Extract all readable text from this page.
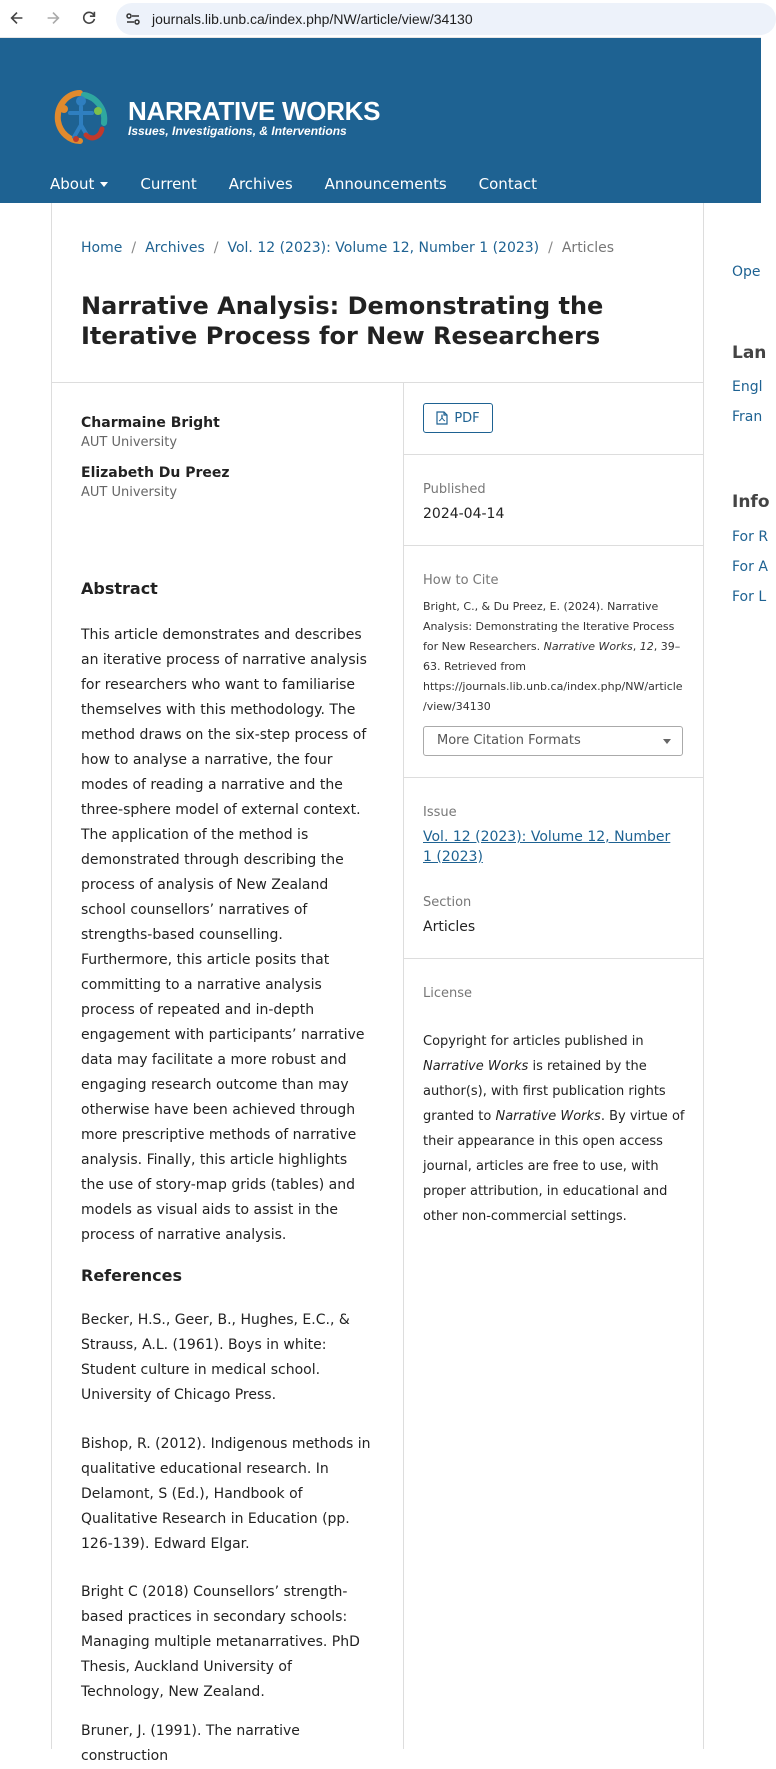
journals.lib.unb.ca/index.php/NW/article/view/34130
NARRATIVE WORKS
Issues, Investigations, & Interventions
About	Current Archives Announcements Contact
Home / Archives / Vol. 12 (2023): Volume 12, Number 1 (2023) / Articles
Narrative Analysis: Demonstrating the Iterative Process for New Researchers
Charmaine Bright
AUT University
Elizabeth Du Preez
AUT University
Abstract
This article demonstrates and describes an iterative process of narrative analysis for researchers who want to familiarise themselves with this methodology. The method draws on the six-step process of how to analyse a narrative, the four modes of reading a narrative and the three-sphere model of external context. The application of the method is demonstrated through describing the process of analysis of New Zealand school counsellors’ narratives of strengths-based counselling. Furthermore, this article posits that committing to a narrative analysis process of repeated and in-depth engagement with participants’ narrative data may facilitate a more robust and engaging research outcome than may otherwise have been achieved through more prescriptive methods of narrative analysis. Finally, this article highlights the use of story-map grids (tables) and models as visual aids to assist in the process of narrative analysis.
References
Becker, H.S., Geer, B., Hughes, E.C., & Strauss, A.L. (1961). Boys in white: Student culture in medical school. University of Chicago Press.
Bishop, R. (2012). Indigenous methods in qualitative educational research. In Delamont, S (Ed.), Handbook of Qualitative Research in Education (pp. 126-139). Edward Elgar.
Bright C (2018) Counsellors’ strength-based practices in secondary schools: Managing multiple metanarratives. PhD Thesis, Auckland University of Technology, New Zealand.
Bruner, J. (1991). The narrative construction
PDF
Published
2024-04-14
How to Cite
Bright, C., & Du Preez, E. (2024). Narrative Analysis: Demonstrating the Iterative Process for New Researchers. Narrative Works, 12, 39–63. Retrieved from https://journals.lib.unb.ca/index.php/NW/article/view/34130
More Citation Formats
Issue
Vol. 12 (2023): Volume 12, Number 1 (2023)
Section
Articles
License
Copyright for articles published in Narrative Works is retained by the author(s), with first publication rights granted to Narrative Works. By virtue of their appearance in this open access journal, articles are free to use, with proper attribution, in educational and other non-commercial settings.
Ope
Lan
Engl
Fran
Info
For R
For A
For L
